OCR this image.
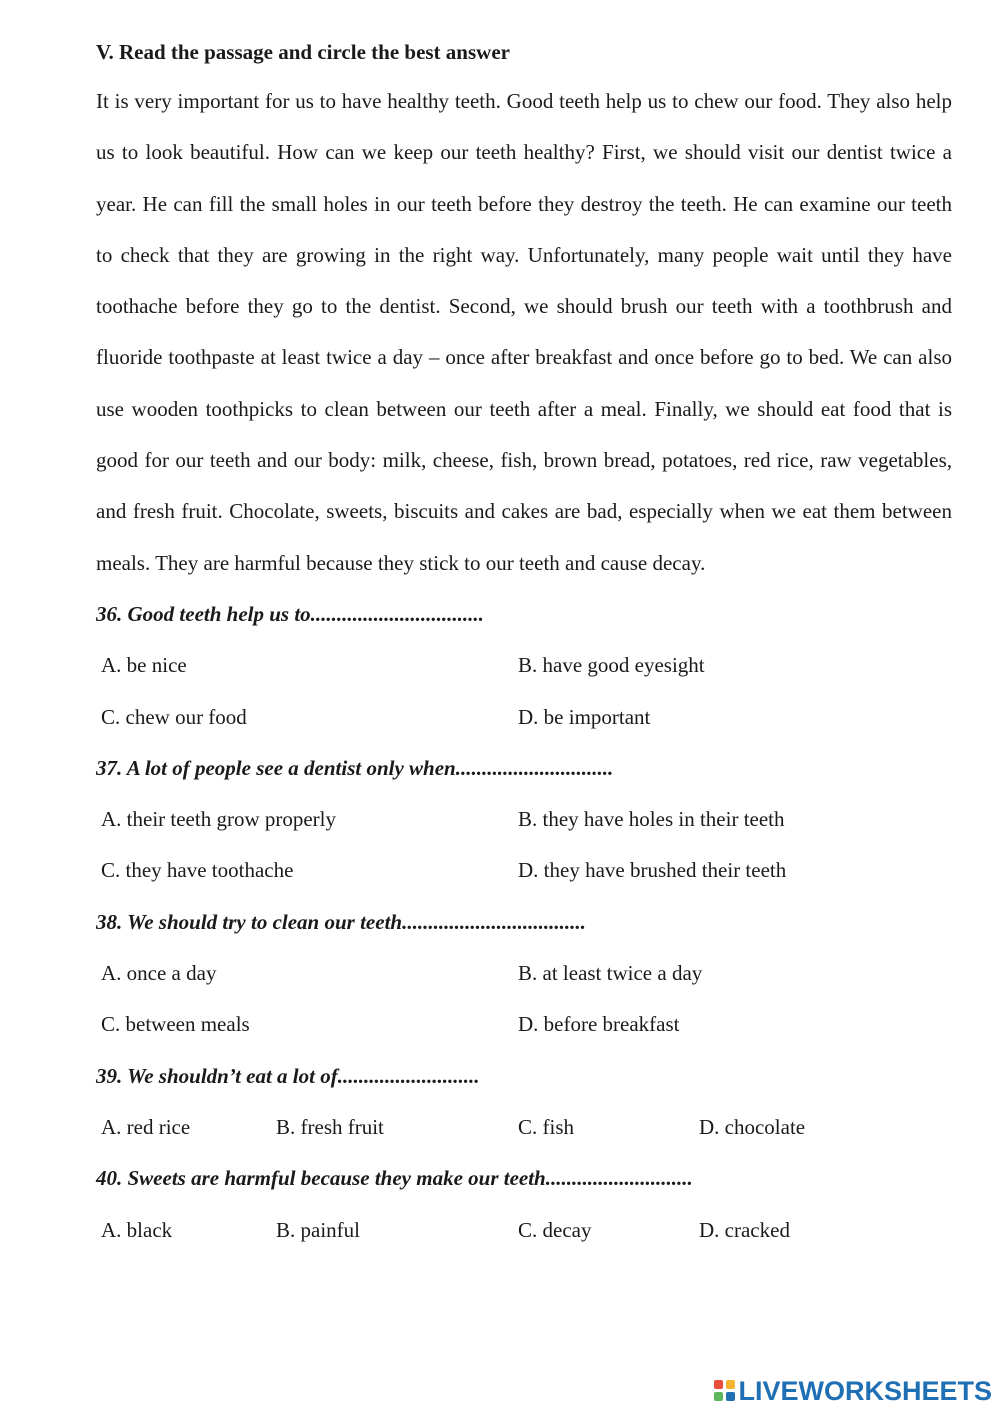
V. Read the passage and circle the best answer

It is very important for us to have healthy teeth. Good teeth help us to chew our food. They also help us to look beautiful. How can we keep our teeth healthy? First, we should visit our dentist twice a year. He can fill the small holes in our teeth before they destroy the teeth. He can examine our teeth to check that they are growing in the right way. Unfortunately, many people wait until they have toothache before they go to the dentist. Second, we should brush our teeth with a toothbrush and fluoride toothpaste at least twice a day – once after breakfast and once before go to bed. We can also use wooden toothpicks to clean between our teeth after a meal. Finally, we should eat food that is good for our teeth and our body: milk, cheese, fish, brown bread, potatoes, red rice, raw vegetables, and fresh fruit. Chocolate, sweets, biscuits and cakes are bad, especially when we eat them between meals. They are harmful because they stick to our teeth and cause decay.

36. Good teeth help us to.................................

A. be nice	B. have good eyesight
C. chew our food	D. be important

37. A lot of people see a dentist only when..............................

A. their teeth grow properly	B. they have holes in their teeth
C. they have toothache	D. they have brushed their teeth

38. We should try to clean our teeth...................................

A. once a day	B. at least twice a day
C. between meals	D. before breakfast

39. We shouldn’t eat a lot of...........................

A. red rice	B. fresh fruit	C. fish	D. chocolate

40. Sweets are harmful because they make our teeth............................

A. black	B. painful	C. decay	D. cracked
LIVEWORKSHEETS
